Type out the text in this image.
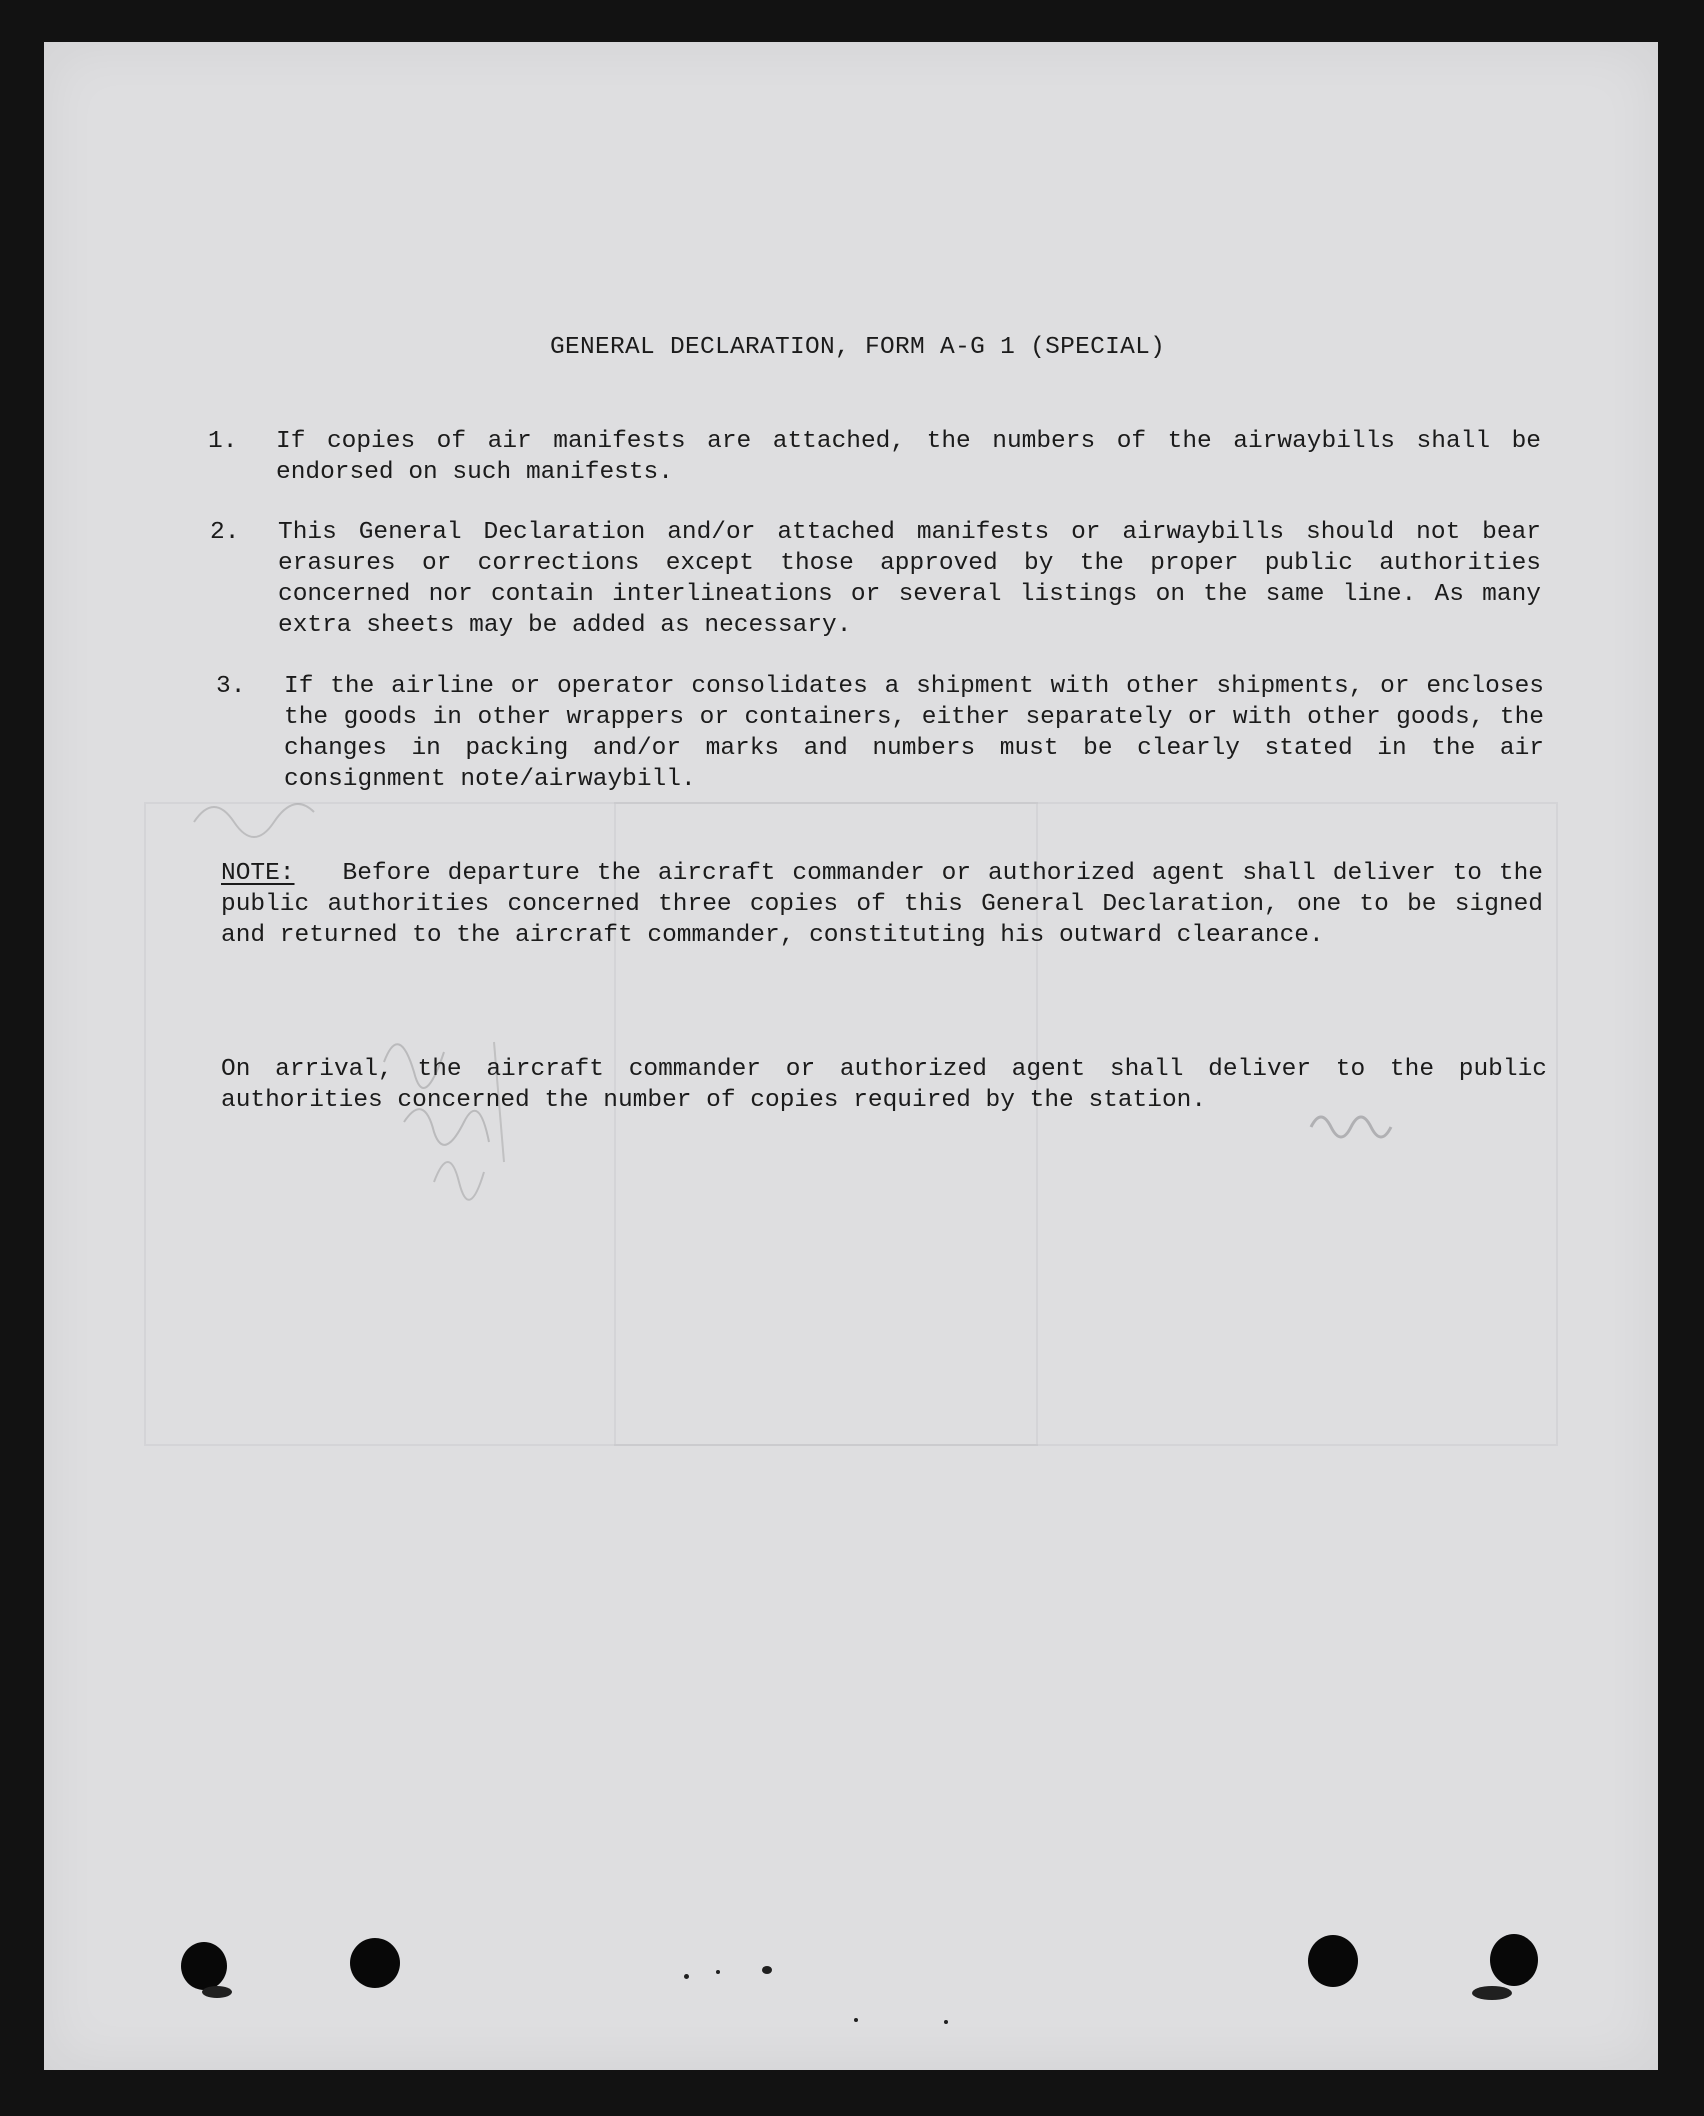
GENERAL DECLARATION, FORM A-G 1 (SPECIAL)
1. If copies of air manifests are attached, the numbers of the airwaybills shall be endorsed on such manifests.

2. This General Declaration and/or attached manifests or airwaybills should not bear erasures or corrections except those approved by the proper public authorities concerned nor contain interlineations or several listings on the same line. As many extra sheets may be added as necessary.

3. If the airline or operator consolidates a shipment with other shipments, or encloses the goods in other wrappers or containers, either separately or with other goods, the changes in packing and/or marks and numbers must be clearly stated in the air consignment note/airwaybill.

NOTE: Before departure the aircraft commander or authorized agent shall deliver to the public authorities concerned three copies of this General Declaration, one to be signed and returned to the aircraft commander, constituting his outward clearance.

On arrival, the aircraft commander or authorized agent shall deliver to the public authorities concerned the number of copies required by the station.
